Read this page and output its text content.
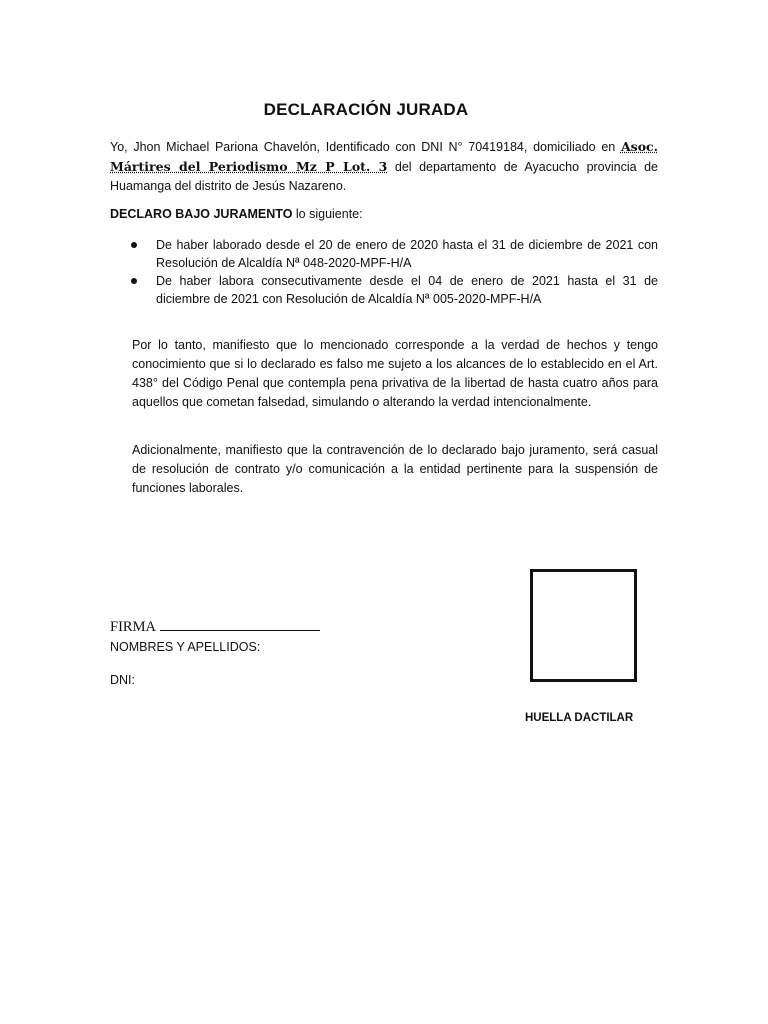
DECLARACIÓN JURADA
Yo, Jhon Michael Pariona Chavelón, Identificado con DNI N° 70419184, domiciliado en Asoc. Mártires del Periodismo Mz P Lot. 3 del departamento de Ayacucho provincia de Huamanga del distrito de Jesús Nazareno.
DECLARO BAJO JURAMENTO lo siguiente:
De haber laborado desde el 20 de enero de 2020 hasta el 31 de diciembre de 2021 con Resolución de Alcaldía Nª 048-2020-MPF-H/A
De haber labora consecutivamente desde el 04 de enero de 2021 hasta el 31 de diciembre de 2021 con Resolución de Alcaldía Nª 005-2020-MPF-H/A
Por lo tanto, manifiesto que lo mencionado corresponde a la verdad de hechos y tengo conocimiento que si lo declarado es falso me sujeto a los alcances de lo establecido en el Art. 438° del Código Penal que contempla pena privativa de la libertad de hasta cuatro años para aquellos que cometan falsedad, simulando o alterando la verdad intencionalmente.
Adicionalmente, manifiesto que la contravención de lo declarado bajo juramento, será casual de resolución de contrato y/o comunicación a la entidad pertinente para la suspensión de funciones laborales.
FIRMA
NOMBRES Y APELLIDOS:
DNI:
HUELLA DACTILAR
